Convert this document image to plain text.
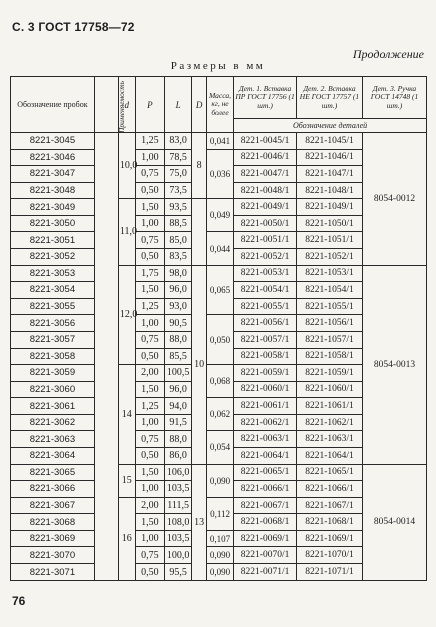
С. 3 ГОСТ 17758—72
Продолжение
Размеры в мм
Обозначение пробок	Применяемость	d	P	L	D	Масса, кг, не более	Дет. 1. Вставка ПР ГОСТ 17756 (1 шт.)	Дет. 2. Вставка НЕ ГОСТ 17757 (1 шт.)	Дет. 3. Ручка ГОСТ 14748 (1 шт.)
							Обозначение деталей		
8221-3045		10,0	1,25	83,0	8	0,041	8221-0045/1	8221-1045/1	8054-0012
8221-3046			1,00	78,5		0,036	8221-0046/1	8221-1046/1	
8221-3047			0,75	75,0			8221-0047/1	8221-1047/1	
8221-3048			0,50	73,5			8221-0048/1	8221-1048/1	
8221-3049		11,0	1,50	93,5		0,049	8221-0049/1	8221-1049/1	
8221-3050			1,00	88,5			8221-0050/1	8221-1050/1	
8221-3051			0,75	85,0		0,044	8221-0051/1	8221-1051/1	
8221-3052			0,50	83,5			8221-0052/1	8221-1052/1	
8221-3053		12,0	1,75	98,0	10	0,065	8221-0053/1	8221-1053/1	8054-0013
8221-3054			1,50	96,0			8221-0054/1	8221-1054/1	
8221-3055			1,25	93,0			8221-0055/1	8221-1055/1	
8221-3056			1,00	90,5		0,050	8221-0056/1	8221-1056/1	
8221-3057			0,75	88,0			8221-0057/1	8221-1057/1	
8221-3058			0,50	85,5			8221-0058/1	8221-1058/1	
8221-3059		14	2,00	100,5		0,068	8221-0059/1	8221-1059/1	
8221-3060			1,50	96,0			8221-0060/1	8221-1060/1	
8221-3061			1,25	94,0		0,062	8221-0061/1	8221-1061/1	
8221-3062			1,00	91,5			8221-0062/1	8221-1062/1	
8221-3063			0,75	88,0		0,054	8221-0063/1	8221-1063/1	
8221-3064			0,50	86,0			8221-0064/1	8221-1064/1	
8221-3065		15	1,50	106,0	13	0,090	8221-0065/1	8221-1065/1	8054-0014
8221-3066			1,00	103,5			8221-0066/1	8221-1066/1	
8221-3067		16	2,00	111,5		0,112	8221-0067/1	8221-1067/1	
8221-3068			1,50	108,0			8221-0068/1	8221-1068/1	
8221-3069			1,00	103,5		0,107	8221-0069/1	8221-1069/1	
8221-3070			0,75	100,0		0,090	8221-0070/1	8221-1070/1	
8221-3071			0,50	95,5		0,090	8221-0071/1	8221-1071/1	
76
